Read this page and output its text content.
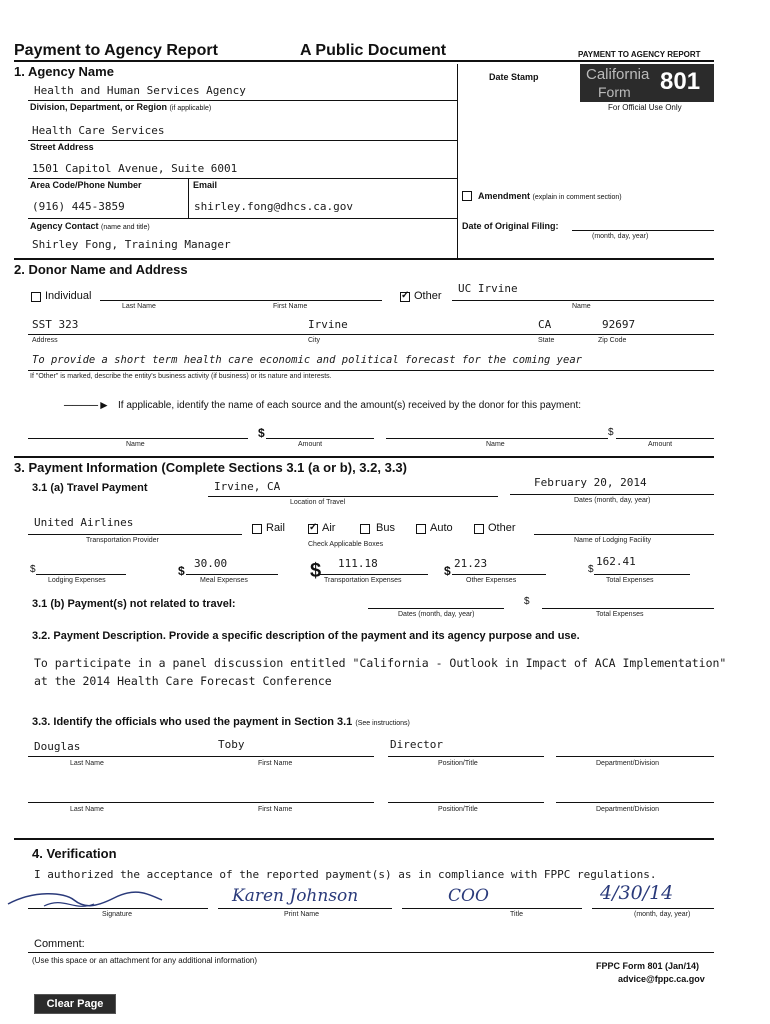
Payment to Agency Report	A Public Document	PAYMENT TO AGENCY REPORT
1. Agency Name	Date Stamp	California
Form 801
For Official Use Only
Health and Human Services Agency
Division, Department, or Region (if applicable)
Health Care Services
Street Address
1501 Capitol Avenue, Suite 6001
Area Code/Phone Number	Email
(916) 445-3859	shirley.fong@dhcs.ca.gov
Agency Contact (name and title)
Shirley Fong, Training Manager
Amendment (explain in comment section)
Date of Original Filing:
(month, day, year)
2. Donor Name and Address
Individual
Last Name	First Name
✓
Other
UC Irvine
Name
SST 323	Irvine	CA	92697
Address	City	State	Zip Code
To provide a short term health care economic and political forecast for the coming year
If "Other" is marked, describe the entity's business activity (if business) or its nature and interests.
────► If applicable, identify the name of each source and the amount(s) received by the donor for this payment:
$
Name	Amount
$
Name	Amount
3. Payment Information (Complete Sections 3.1 (a or b), 3.2, 3.3)
3.1 (a) Travel Payment	Irvine, CA
Location of Travel
February 20, 2014
Dates (month, day, year)
United Airlines
Transportation Provider
Rail
✓	Air	Bus	Auto	Other
Check Applicable Boxes
Name of Lodging Facility
$
Lodging Expenses
$
30.00
Meal Expenses	$ 111.18
Transportation Expenses
$
21.23
Other Expenses
$
162.41
Total Expenses
3.1 (b) Payment(s) not related to travel:
Dates (month, day, year)
$
Total Expenses
3.2. Payment Description. Provide a specific description of the payment and its agency purpose and use.
To participate in a panel discussion entitled "California - Outlook in Impact of ACA Implementation"
at the 2014 Health Care Forecast Conference
3.3. Identify the officials who used the payment in Section 3.1 (See instructions)
Douglas	Toby	Director
Last Name	First Name	Position/Title	Department/Division
Last Name	First Name	Position/Title	Department/Division
4. Verification
I authorized the acceptance of the reported payment(s) as in compliance with FPPC regulations.
Karen Johnson	COO	4/30/14
Signature	Print Name	Title	(month, day, year)
Comment:
(Use this space or an attachment for any additional information)
FPPC Form 801 (Jan/14)
advice@fppc.ca.gov
Clear Page
